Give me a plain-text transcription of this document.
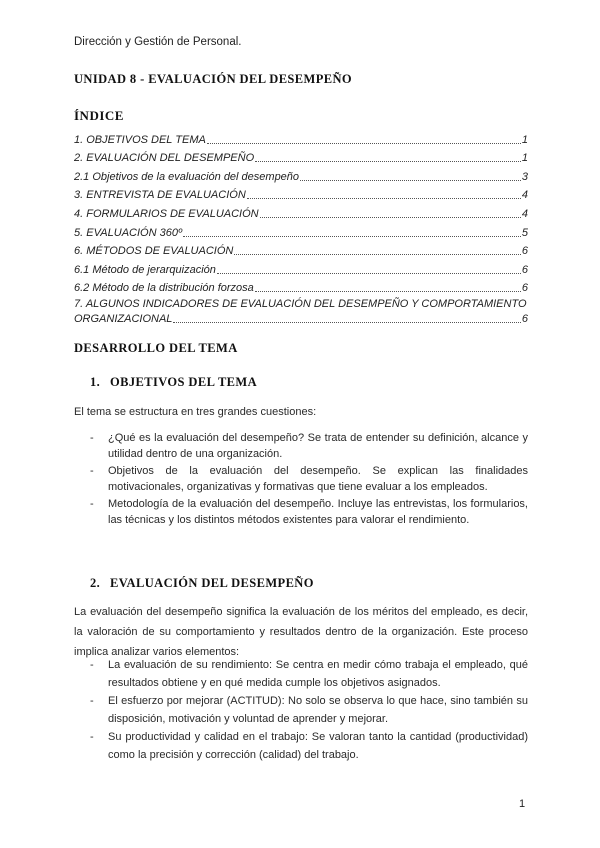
Dirección y Gestión de Personal.
UNIDAD 8 - EVALUACIÓN DEL DESEMPEÑO
ÍNDICE
1. OBJETIVOS DEL TEMA	1
2. EVALUACIÓN DEL DESEMPEÑO	1
2.1 Objetivos de la evaluación del desempeño	3
3. ENTREVISTA DE EVALUACIÓN	4
4. FORMULARIOS DE EVALUACIÓN	4
5. EVALUACIÓN 360º	5
6. MÉTODOS DE EVALUACIÓN	6
6.1 Método de jerarquización	6
6.2 Método de la distribución forzosa	6
7. ALGUNOS INDICADORES DE EVALUACIÓN DEL DESEMPEÑO Y COMPORTAMIENTO
ORGANIZACIONAL	6
DESARROLLO DEL TEMA
1. OBJETIVOS DEL TEMA

El tema se estructura en tres grandes cuestiones:

- ¿Qué es la evaluación del desempeño? Se trata de entender su definición, alcance y utilidad dentro de una organización.
- Objetivos de la evaluación del desempeño. Se explican las finalidades motivacionales, organizativas y formativas que tiene evaluar a los empleados.
- Metodología de la evaluación del desempeño. Incluye las entrevistas, los formularios, las técnicas y los distintos métodos existentes para valorar el rendimiento.
2. EVALUACIÓN DEL DESEMPEÑO

La evaluación del desempeño significa la evaluación de los méritos del empleado, es decir, la valoración de su comportamiento y resultados dentro de la organización. Este proceso implica analizar varios elementos:

- La evaluación de su rendimiento: Se centra en medir cómo trabaja el empleado, qué resultados obtiene y en qué medida cumple los objetivos asignados.
- El esfuerzo por mejorar (ACTITUD): No solo se observa lo que hace, sino también su disposición, motivación y voluntad de aprender y mejorar.
- Su productividad y calidad en el trabajo: Se valoran tanto la cantidad (productividad) como la precisión y corrección (calidad) del trabajo.
1
